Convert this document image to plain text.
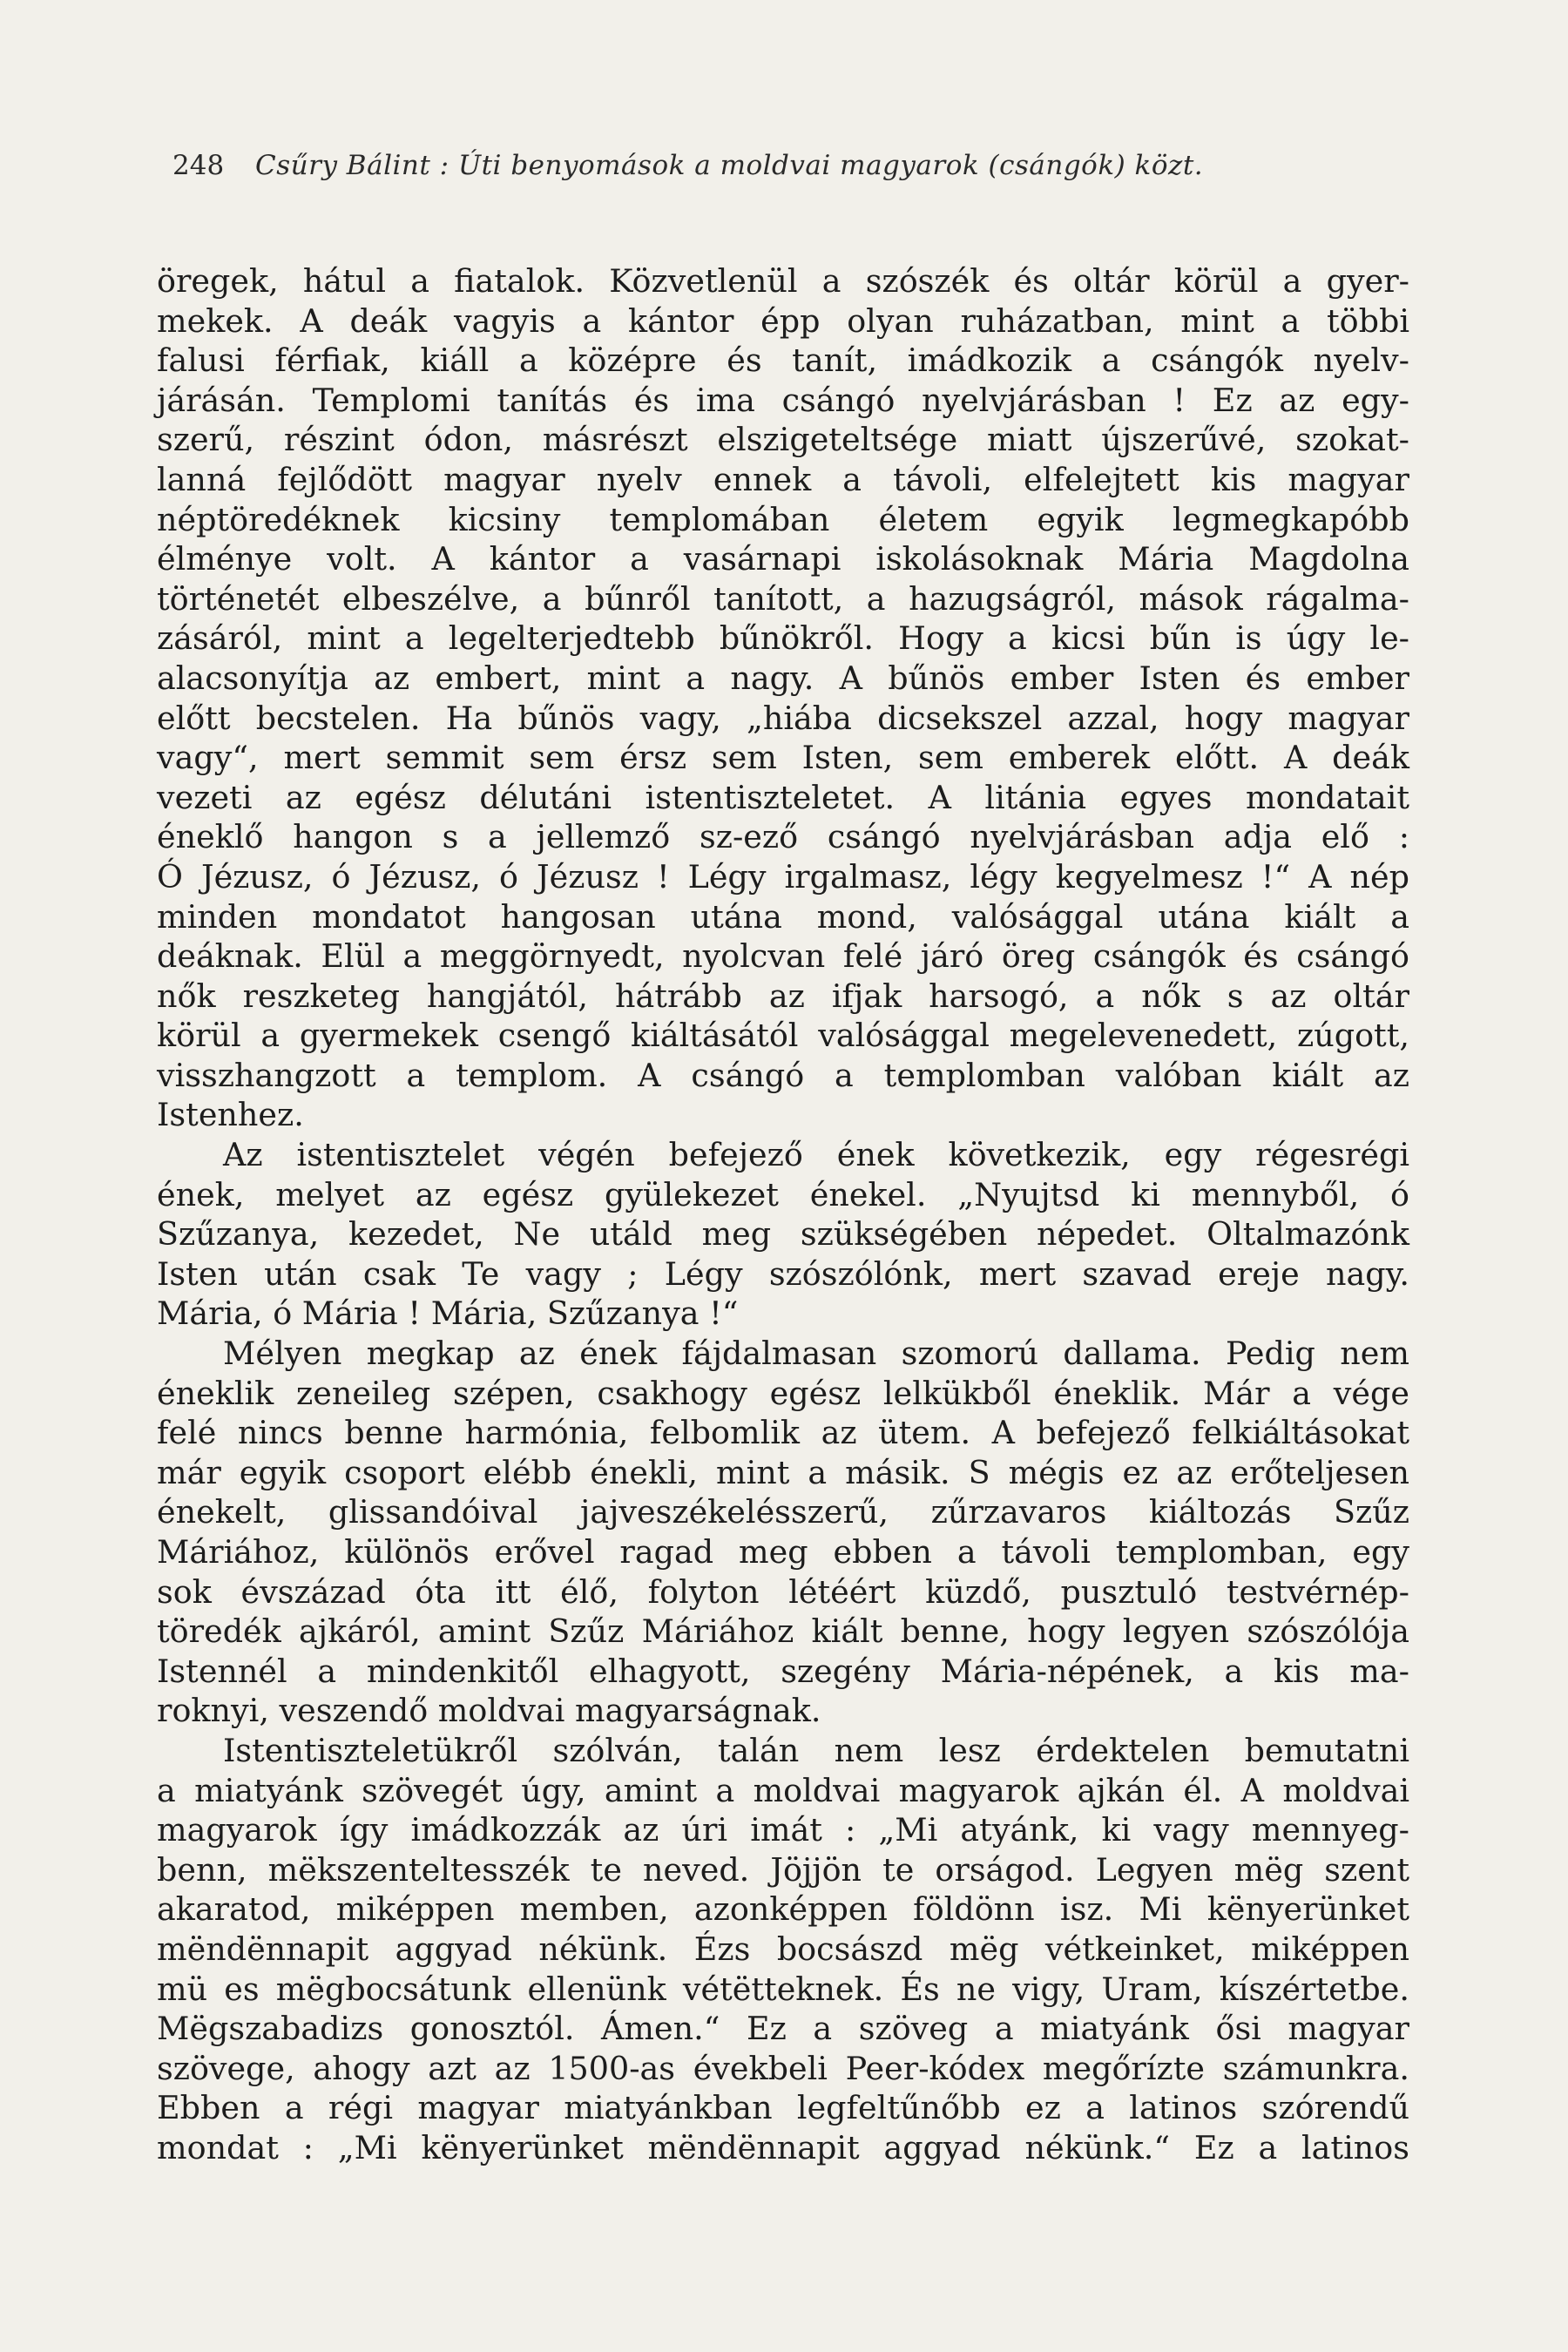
248 Csűry Bálint : Úti benyomások a moldvai magyarok (csángók) közt.
öregek, hátul a fiatalok. Közvetlenül a szószék és oltár körül a gyer-
mekek. A deák vagyis a kántor épp olyan ruházatban, mint a többi
falusi férfiak, kiáll a középre és tanít, imádkozik a csángók nyelv-
járásán. Templomi tanítás és ima csángó nyelvjárásban ! Ez az egy-
szerű, részint ódon, másrészt elszigeteltsége miatt újszerűvé, szokat-
lanná fejlődött magyar nyelv ennek a távoli, elfelejtett kis magyar
néptöredéknek kicsiny templomában életem egyik legmegkapóbb
élménye volt. A kántor a vasárnapi iskolásoknak Mária Magdolna
történetét elbeszélve, a bűnről tanított, a hazugságról, mások rágalma-
zásáról, mint a legelterjedtebb bűnökről. Hogy a kicsi bűn is úgy le-
alacsonyítja az embert, mint a nagy. A bűnös ember Isten és ember
előtt becstelen. Ha bűnös vagy, „hiába dicsekszel azzal, hogy magyar
vagy“, mert semmit sem érsz sem Isten, sem emberek előtt. A deák
vezeti az egész délutáni istentiszteletet. A litánia egyes mondatait
éneklő hangon s a jellemző sz-ező csángó nyelvjárásban adja elő :
Ó Jézusz, ó Jézusz, ó Jézusz ! Légy irgalmasz, légy kegyelmesz !“ A nép
minden mondatot hangosan utána mond, valósággal utána kiált a
deáknak. Elül a meggörnyedt, nyolcvan felé járó öreg csángók és csángó
nők reszketeg hangjától, hátrább az ifjak harsogó, a nők s az oltár
körül a gyermekek csengő kiáltásától valósággal megelevenedett, zúgott,
visszhangzott a templom. A csángó a templomban valóban kiált az
Istenhez.
Az istentisztelet végén befejező ének következik, egy régesrégi
ének, melyet az egész gyülekezet énekel. „Nyujtsd ki mennyből, ó
Szűzanya, kezedet, Ne utáld meg szükségében népedet. Oltalmazónk
Isten után csak Te vagy ; Légy szószólónk, mert szavad ereje nagy.
Mária, ó Mária ! Mária, Szűzanya !“
Mélyen megkap az ének fájdalmasan szomorú dallama. Pedig nem
éneklik zeneileg szépen, csakhogy egész lelkükből éneklik. Már a vége
felé nincs benne harmónia, felbomlik az ütem. A befejező felkiáltásokat
már egyik csoport elébb énekli, mint a másik. S mégis ez az erőteljesen
énekelt, glissandóival jajveszékelésszerű, zűrzavaros kiáltozás Szűz
Máriához, különös erővel ragad meg ebben a távoli templomban, egy
sok évszázad óta itt élő, folyton létéért küzdő, pusztuló testvérnép-
töredék ajkáról, amint Szűz Máriához kiált benne, hogy legyen szószólója
Istennél a mindenkitől elhagyott, szegény Mária-népének, a kis ma-
roknyi, veszendő moldvai magyarságnak.
Istentiszteletükről szólván, talán nem lesz érdektelen bemutatni
a miatyánk szövegét úgy, amint a moldvai magyarok ajkán él. A moldvai
magyarok így imádkozzák az úri imát : „Mi atyánk, ki vagy mennyeg-
benn, mëkszenteltesszék te neved. Jöjjön te orságod. Legyen mëg szent
akaratod, miképpen memben, azonképpen földönn isz. Mi kënyerünket
mëndënnapit aggyad nékünk. Ézs bocsászd mëg vétkeinket, miképpen
mü es mëgbocsátunk ellenünk vétëtteknek. És ne vigy, Uram, kíszértetbe.
Mëgszabadizs gonosztól. Ámen.“ Ez a szöveg a miatyánk ősi magyar
szövege, ahogy azt az 1500-as évekbeli Peer-kódex megőrízte számunkra.
Ebben a régi magyar miatyánkban legfeltűnőbb ez a latinos szórendű
mondat : „Mi kënyerünket mëndënnapit aggyad nékünk.“ Ez a latinos
